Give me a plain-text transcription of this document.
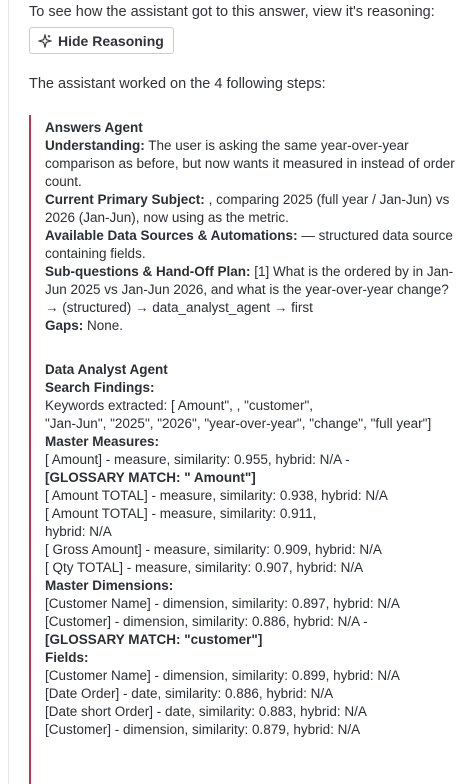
To see how the assistant got to this answer, view it's reasoning:
Hide Reasoning
The assistant worked on the 4 following steps:
Answers Agent
Understanding: The user is asking the same year-over-year comparison as before, but now wants it measured in instead of order count.
Current Primary Subject: , comparing 2025 (full year / Jan-Jun) vs 2026 (Jan-Jun), now using as the metric.
Available Data Sources & Automations: — structured data source containing fields.
Sub-questions & Hand-Off Plan: [1] What is the ordered by in Jan-Jun 2025 vs Jan-Jun 2026, and what is the year-over-year change? → (structured) → data_analyst_agent → first
Gaps: None.
Data Analyst Agent
Search Findings:
Keywords extracted: [ Amount", , "customer",
"Jan-Jun", "2025", "2026", "year-over-year", "change", "full year"]
Master Measures:
[ Amount] - measure, similarity: 0.955, hybrid: N/A -
[GLOSSARY MATCH: " Amount"]
[ Amount TOTAL] - measure, similarity: 0.938, hybrid: N/A
[ Amount TOTAL] - measure, similarity: 0.911,
hybrid: N/A
[ Gross Amount] - measure, similarity: 0.909, hybrid: N/A
[ Qty TOTAL] - measure, similarity: 0.907, hybrid: N/A
Master Dimensions:
[Customer Name] - dimension, similarity: 0.897, hybrid: N/A
[Customer] - dimension, similarity: 0.886, hybrid: N/A -
[GLOSSARY MATCH: "customer"]
Fields:
[Customer Name] - dimension, similarity: 0.899, hybrid: N/A
[Date Order] - date, similarity: 0.886, hybrid: N/A
[Date short Order] - date, similarity: 0.883, hybrid: N/A
[Customer] - dimension, similarity: 0.879, hybrid: N/A
